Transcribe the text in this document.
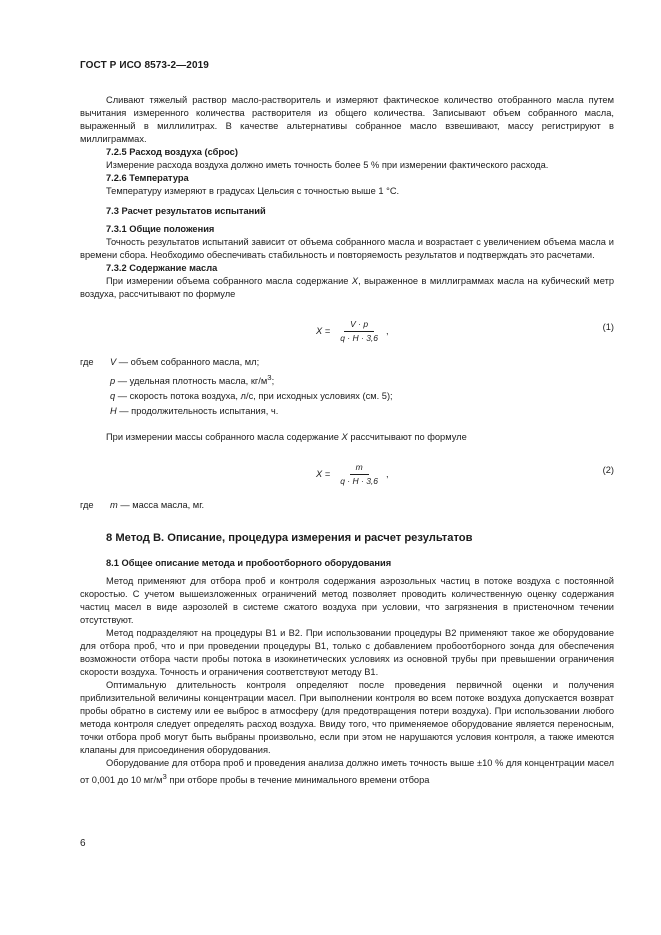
ГОСТ Р ИСО 8573-2—2019

Сливают тяжелый раствор масло-растворитель и измеряют фактическое количество отобранного масла путем вычитания измеренного количества растворителя из общего количества. Записывают объем собранного масла, выраженный в миллилитрах. В качестве альтернативы собранное масло взвешивают, массу регистрируют в миллиграммах.

7.2.5 Расход воздуха (сброс)

Измерение расхода воздуха должно иметь точность более 5 % при измерении фактического расхода.

7.2.6 Температура

Температуру измеряют в градусах Цельсия с точностью выше 1 °C.

7.3 Расчет результатов испытаний
7.3.1 Общие положения

Точность результатов испытаний зависит от объема собранного масла и возрастает с увеличением объема масла и времени сбора. Необходимо обеспечивать стабильность и повторяемость результатов и подтверждать это расчетами.

7.3.2 Содержание масла

При измерении объема собранного масла содержание X, выраженное в миллиграммах масла на кубический метр воздуха, рассчитывают по формуле

$X = \frac{V \cdot p}{q \cdot H \cdot 3,6}$ ,	(1)
где V — объем собранного масла, мл;
p — удельная плотность масла, $кг/м^3$;
q — скорость потока воздуха, л/с, при исходных условиях (см. 5);
H — продолжительность испытания, ч.

При измерении массы собранного масла содержание X рассчитывают по формуле

$X = \frac{m}{q \cdot H \cdot 3,6}$ ,	(2)
где m — масса масла, мг.
8 Метод В. Описание, процедура измерения и расчет результатов
8.1 Общее описание метода и пробоотборного оборудования

Метод применяют для отбора проб и контроля содержания аэрозольных частиц в потоке воздуха с постоянной скоростью. С учетом вышеизложенных ограничений метод позволяет проводить количественную оценку содержания частиц масел в виде аэрозолей в системе сжатого воздуха при условии, что загрязнения в пристеночном течении отсутствуют.

Метод подразделяют на процедуры В1 и В2. При использовании процедуры В2 применяют такое же оборудование для отбора проб, что и при проведении процедуры В1, только с добавлением пробоотборного зонда для обеспечения возможности отбора части пробы потока в изокинетических условиях из основной трубы при превышении ограничения скорости воздуха. Точность и ограничения соответствуют методу В1.

Оптимальную длительность контроля определяют после проведения первичной оценки и получения приблизительной величины концентрации масел. При выполнении контроля во всем потоке воздуха допускается возврат пробы обратно в систему или ее выброс в атмосферу (для предотвращения потери воздуха). При использовании любого метода контроля следует определять расход воздуха. Ввиду того, что применяемое оборудование является переносным, точки отбора проб могут быть выбраны произвольно, если при этом не нарушаются условия контроля, а также имеются клапаны для присоединения оборудования.

Оборудование для отбора проб и проведения анализа должно иметь точность выше ±10 % для концентрации масел от 0,001 до 10 $мг/м^3$ при отборе пробы в течение минимального времени отбора

6
